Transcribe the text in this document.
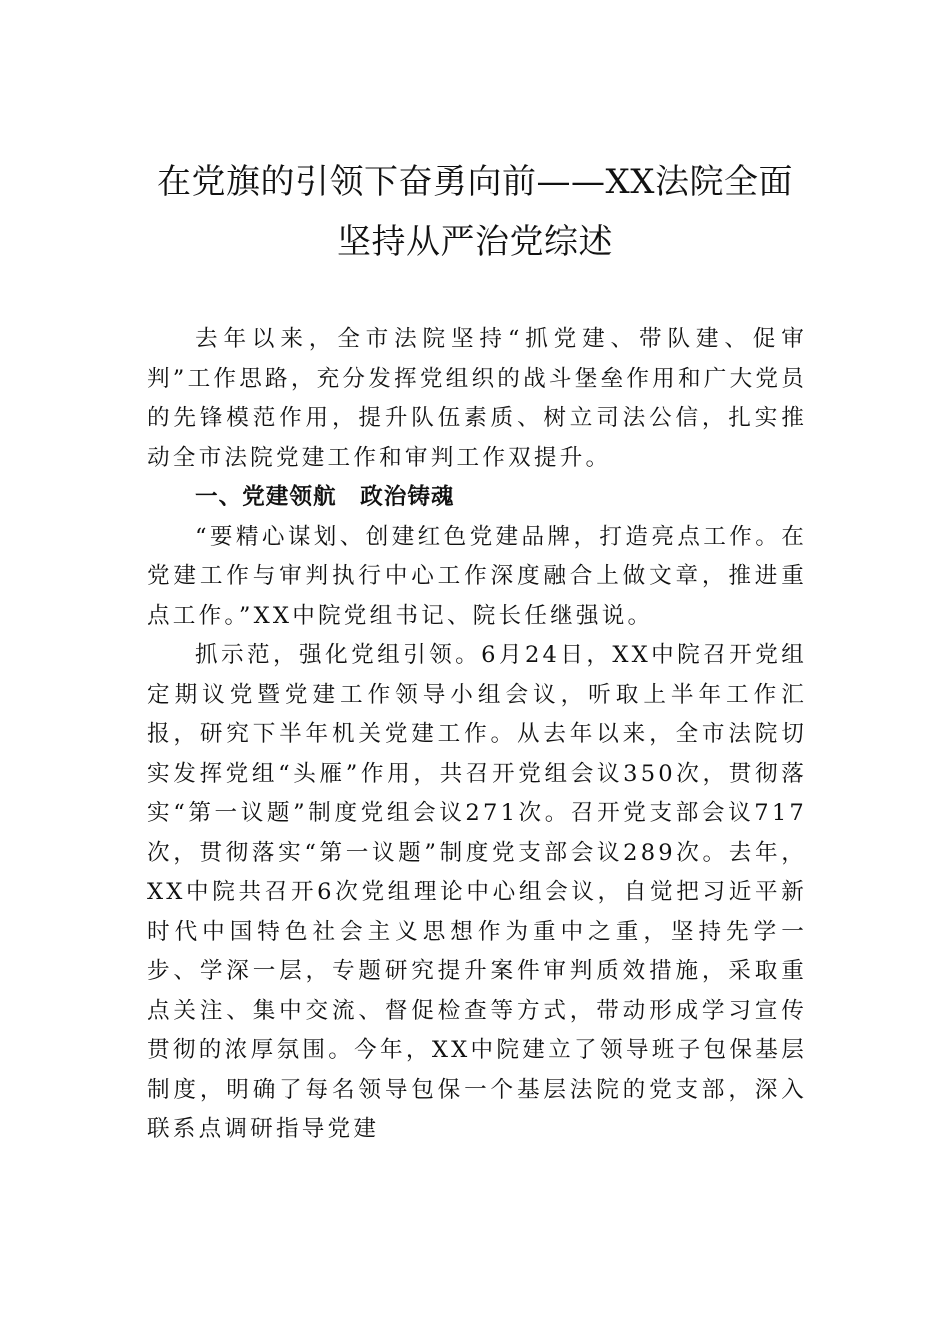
在党旗的引领下奋勇向前——XX法院全面
坚持从严治党综述

去年以来，全市法院坚持“抓党建、带队建、促审判”工作思路，充分发挥党组织的战斗堡垒作用和广大党员的先锋模范作用，提升队伍素质、树立司法公信，扎实推动全市法院党建工作和审判工作双提升。

一、党建领航　政治铸魂

“要精心谋划、创建红色党建品牌，打造亮点工作。在党建工作与审判执行中心工作深度融合上做文章，推进重点工作。”XX中院党组书记、院长任继强说。

抓示范，强化党组引领。6月24日，XX中院召开党组定期议党暨党建工作领导小组会议，听取上半年工作汇报，研究下半年机关党建工作。从去年以来，全市法院切实发挥党组“头雁”作用，共召开党组会议350次，贯彻落实“第一议题”制度党组会议271次。召开党支部会议717次，贯彻落实“第一议题”制度党支部会议289次。去年，XX中院共召开6次党组理论中心组会议，自觉把习近平新时代中国特色社会主义思想作为重中之重，坚持先学一步、学深一层，专题研究提升案件审判质效措施，采取重点关注、集中交流、督促检查等方式，带动形成学习宣传贯彻的浓厚氛围。今年，XX中院建立了领导班子包保基层制度，明确了每名领导包保一个基层法院的党支部，深入联系点调研指导党建
